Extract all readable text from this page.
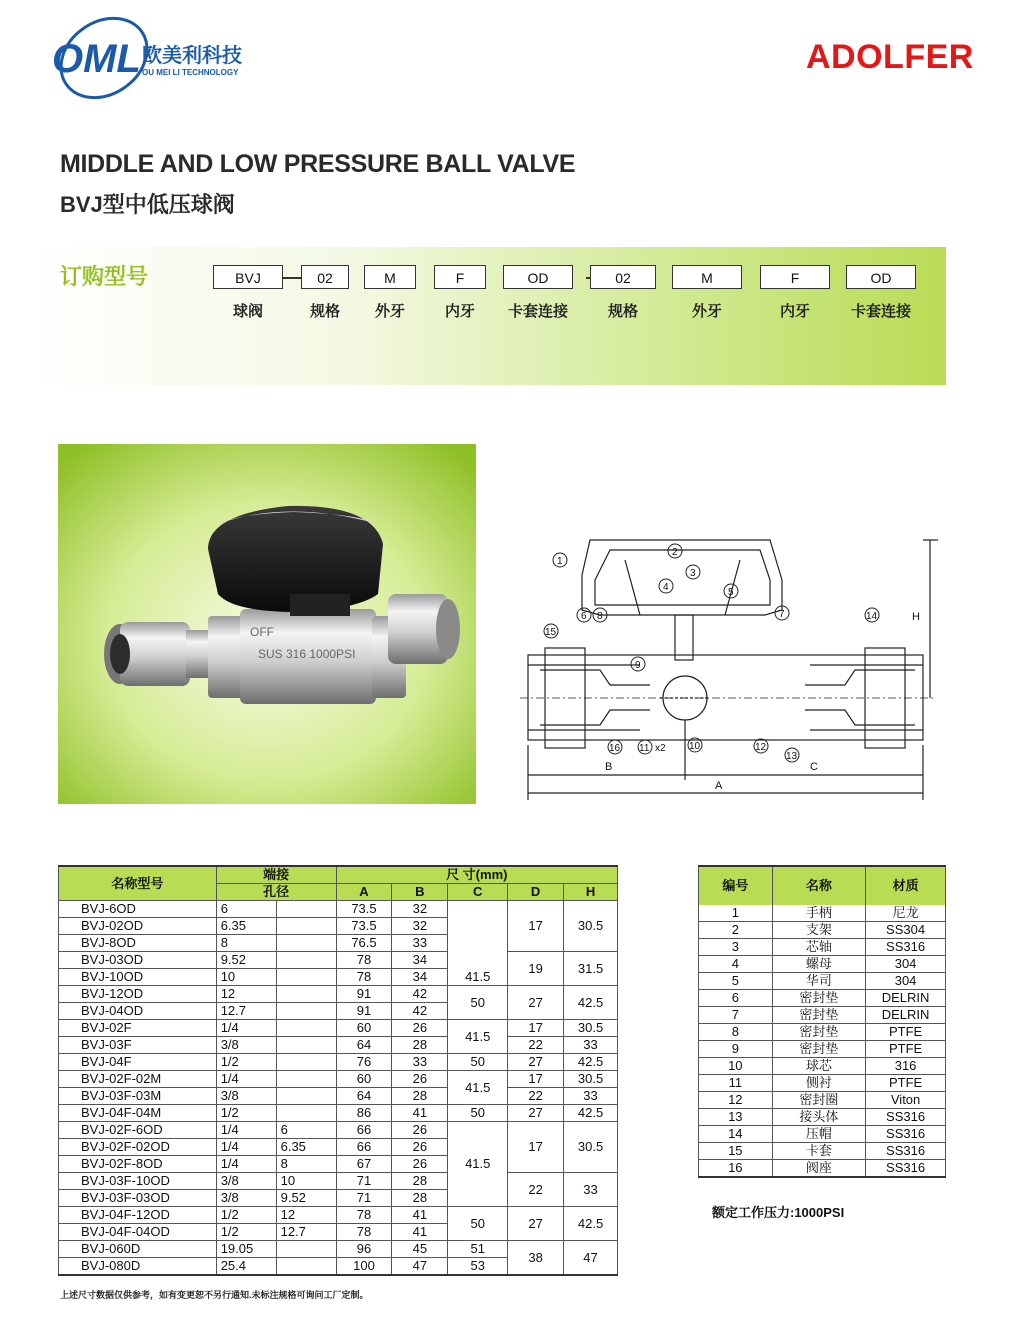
OML 欧美利科技
OU MEI LI TECHNOLOGY	ADOLFER
MIDDLE AND LOW PRESSURE BALL VALVE
BVJ型中低压球阀
订购型号	BVJ	02	M	F	OD	02	M	F	OD
球阀	规格	外牙	内牙	卡套连接	规格	外牙	内牙	卡套连接
OFF
SUS 316 1000PSI
1
2
3
4	5
6	7
8
9
10
11 x2	12
13
14
15
16
B	C
A
H
名称型号	端接		尺 寸(mm)				
	孔径		A	B	C	D	H
BVJ-6OD	6		73.5	32	41.5	17	30.5
BVJ-02OD	6.35		73.5	32			
BVJ-8OD	8		76.5	33			
BVJ-03OD	9.52		78	34		19	31.5
BVJ-10OD	10		78	34			
BVJ-12OD	12		91	42	50	27	42.5
BVJ-04OD	12.7		91	42			
BVJ-02F	1/4		60	26	41.5	17	30.5
BVJ-03F	3/8		64	28		22	33
BVJ-04F	1/2		76	33	50	27	42.5
BVJ-02F-02M	1/4		60	26	41.5	17	30.5
BVJ-03F-03M	3/8		64	28		22	33
BVJ-04F-04M	1/2		86	41	50	27	42.5
BVJ-02F-6OD	1/4	6	66	26	41.5	17	30.5
BVJ-02F-02OD	1/4	6.35	66	26			
BVJ-02F-8OD	1/4	8	67	26			
BVJ-03F-10OD	3/8	10	71	28		22	33
BVJ-03F-03OD	3/8	9.52	71	28			
BVJ-04F-12OD	1/2	12	78	41	50	27	42.5
BVJ-04F-04OD	1/2	12.7	78	41			
BVJ-060D	19.05		96	45	51	38	47
BVJ-080D	25.4		100	47	53		
编号	名称	材质
1	手柄	尼龙
2	支架	SS304
3	芯轴	SS316
4	螺母	304
5	华司	304
6	密封垫	DELRIN
7	密封垫	DELRIN
8	密封垫	PTFE
9	密封垫	PTFE
10	球芯	316
11	侧衬	PTFE
12	密封圈	Viton
13	接头体	SS316
14	压帽	SS316
15	卡套	SS316
16	阀座	SS316
额定工作压力:1000PSI
上述尺寸数据仅供参考，如有变更恕不另行通知.未标注规格可询问工厂定制。
